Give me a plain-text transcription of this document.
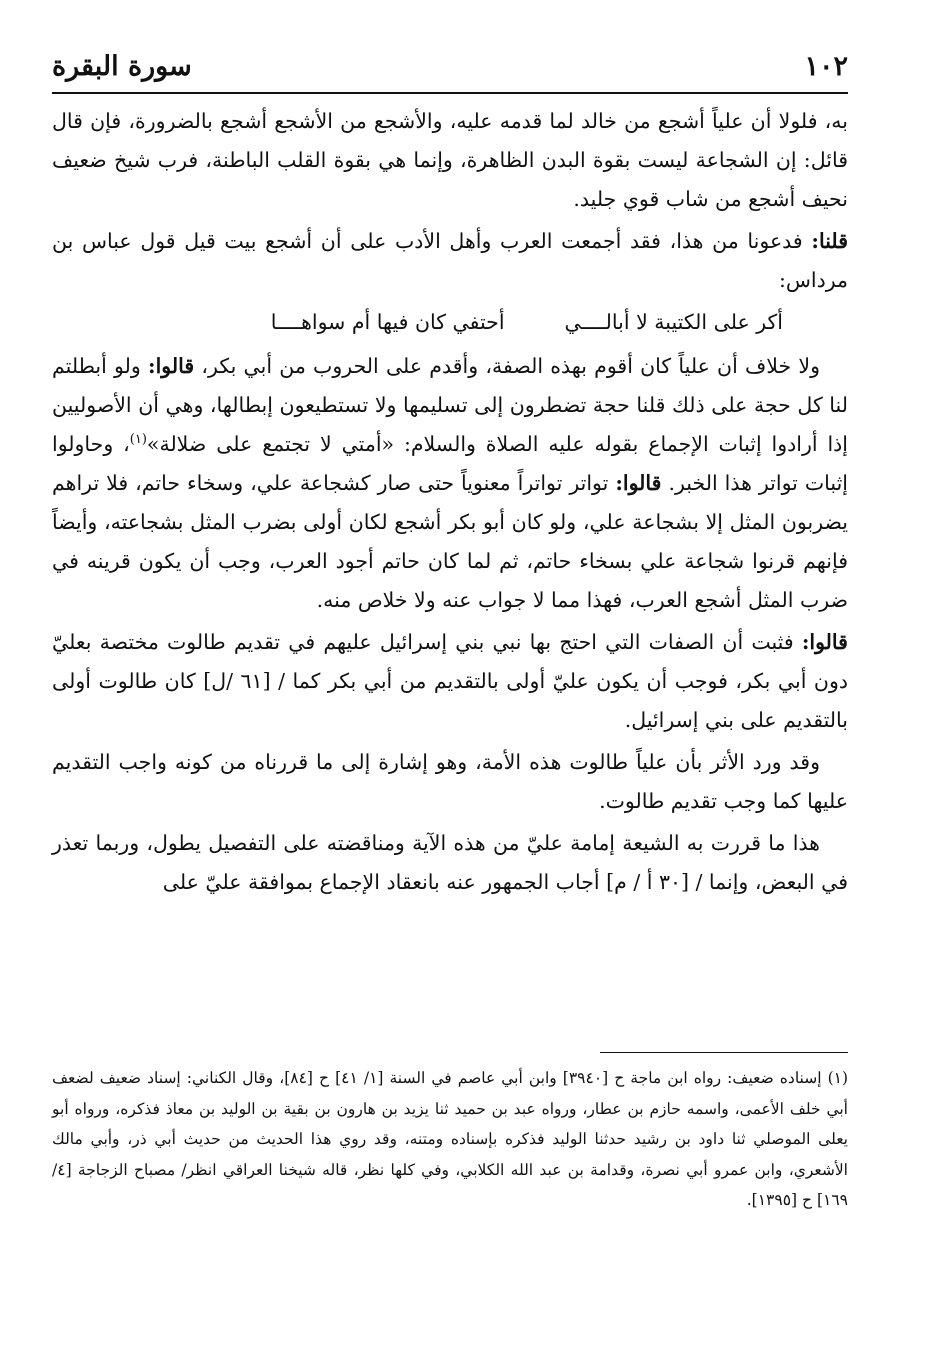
١٠٢
سورة البقرة

به، فلولا أن علياً أشجع من خالد لما قدمه عليه، والأشجع من الأشجع أشجع بالضرورة، فإن قال قائل: إن الشجاعة ليست بقوة البدن الظاهرة، وإنما هي بقوة القلب الباطنة، فرب شيخ ضعيف نحيف أشجع من شاب قوي جليد.

قلنا: فدعونا من هذا، فقد أجمعت العرب وأهل الأدب على أن أشجع بيت قيل قول عباس بن مرداس:

أكر على الكتيبة لا أبالــــي
أحتفي كان فيها أم سواهــــا

ولا خلاف أن علياً كان أقوم بهذه الصفة، وأقدم على الحروب من أبي بكر، قالوا: ولو أبطلتم لنا كل حجة على ذلك قلنا حجة تضطرون إلى تسليمها ولا تستطيعون إبطالها، وهي أن الأصوليين إذا أرادوا إثبات الإجماع بقوله عليه الصلاة والسلام: «أمتي لا تجتمع على ضلالة»$^{(١)}$، وحاولوا إثبات تواتر هذا الخبر. قالوا: تواتر تواتراً معنوياً حتى صار كشجاعة علي، وسخاء حاتم، فلا تراهم يضربون المثل إلا بشجاعة علي، ولو كان أبو بكر أشجع لكان أولى بضرب المثل بشجاعته، وأيضاً فإنهم قرنوا شجاعة علي بسخاء حاتم، ثم لما كان حاتم أجود العرب، وجب أن يكون قرينه في ضرب المثل أشجع العرب، فهذا مما لا جواب عنه ولا خلاص منه.

قالوا: فثبت أن الصفات التي احتج بها نبي بني إسرائيل عليهم في تقديم طالوت مختصة بعليّ دون أبي بكر، فوجب أن يكون عليّ أولى بالتقديم من أبي بكر كما / [٦١ /ل] كان طالوت أولى بالتقديم على بني إسرائيل.

وقد ورد الأثر بأن علياً طالوت هذه الأمة، وهو إشارة إلى ما قررناه من كونه واجب التقديم عليها كما وجب تقديم طالوت.

هذا ما قررت به الشيعة إمامة عليّ من هذه الآية ومناقضته على التفصيل يطول، وربما تعذر في البعض، وإنما / [٣٠ أ / م] أجاب الجمهور عنه بانعقاد الإجماع بموافقة عليّ على

(١) إسناده ضعيف: رواه ابن ماجة ح [٣٩٤٠] وابن أبي عاصم في السنة [١/ ٤١] ح [٨٤]، وقال الكناني: إسناد ضعيف لضعف أبي خلف الأعمى، واسمه حازم بن عطار، ورواه عبد بن حميد ثنا يزيد بن هارون بن بقية بن الوليد بن معاذ فذكره، ورواه أبو يعلى الموصلي ثنا داود بن رشيد حدثنا الوليد فذكره بإسناده ومتنه، وقد روي هذا الحديث من حديث أبي ذر، وأبي مالك الأشعري، وابن عمرو أبي نصرة، وقدامة بن عبد الله الكلابي، وفي كلها نظر، قاله شيخنا العراقي انظر/ مصباح الزجاجة [٤/ ١٦٩] ح [١٣٩٥].
